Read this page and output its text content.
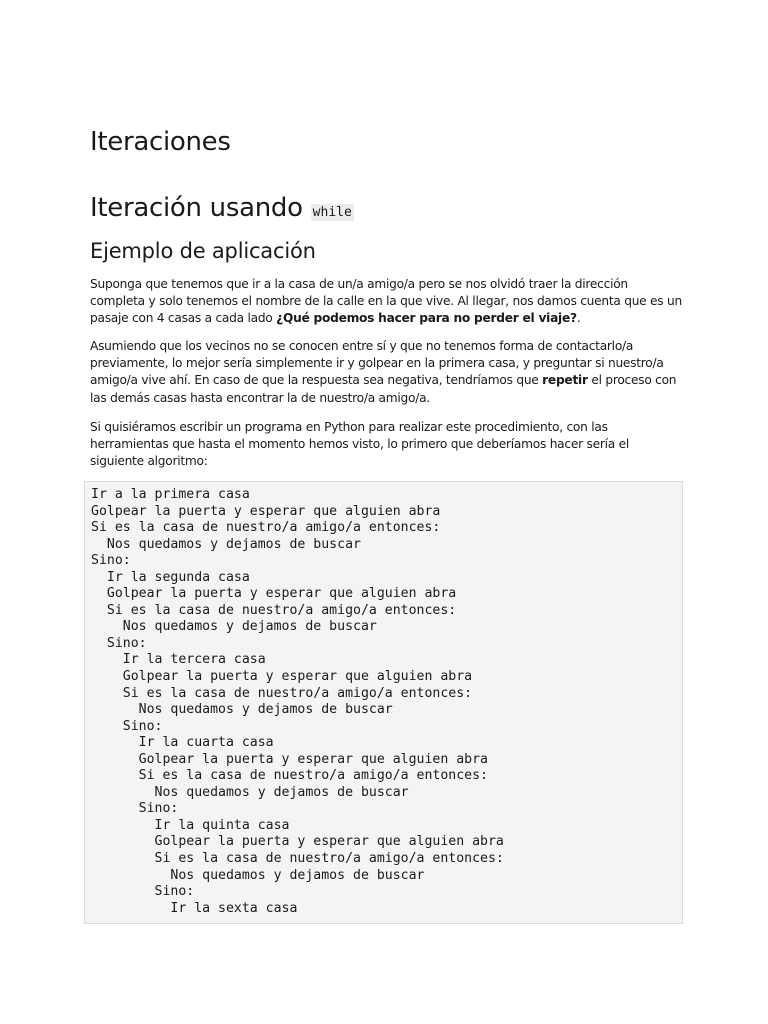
Iteraciones
Iteración usando while
Ejemplo de aplicación

Suponga que tenemos que ir a la casa de un/a amigo/a pero se nos olvidó traer la dirección completa y solo tenemos el nombre de la calle en la que vive. Al llegar, nos damos cuenta que es un pasaje con 4 casas a cada lado ¿Qué podemos hacer para no perder el viaje?.

Asumiendo que los vecinos no se conocen entre sí y que no tenemos forma de contactarlo/a previamente, lo mejor sería simplemente ir y golpear en la primera casa, y preguntar si nuestro/a amigo/a vive ahí. En caso de que la respuesta sea negativa, tendríamos que repetir el proceso con las demás casas hasta encontrar la de nuestro/a amigo/a.

Si quisiéramos escribir un programa en Python para realizar este procedimiento, con las herramientas que hasta el momento hemos visto, lo primero que deberíamos hacer sería el siguiente algoritmo:

Ir a la primera casa
Golpear la puerta y esperar que alguien abra
Si es la casa de nuestro/a amigo/a entonces:
Nos quedamos y dejamos de buscar
Sino:
Ir la segunda casa
Golpear la puerta y esperar que alguien abra
Si es la casa de nuestro/a amigo/a entonces:
Nos quedamos y dejamos de buscar
Sino:
Ir la tercera casa
Golpear la puerta y esperar que alguien abra
Si es la casa de nuestro/a amigo/a entonces:
Nos quedamos y dejamos de buscar
Sino:
Ir la cuarta casa
Golpear la puerta y esperar que alguien abra
Si es la casa de nuestro/a amigo/a entonces:
Nos quedamos y dejamos de buscar
Sino:
Ir la quinta casa
Golpear la puerta y esperar que alguien abra
Si es la casa de nuestro/a amigo/a entonces:
Nos quedamos y dejamos de buscar
Sino:
Ir la sexta casa
